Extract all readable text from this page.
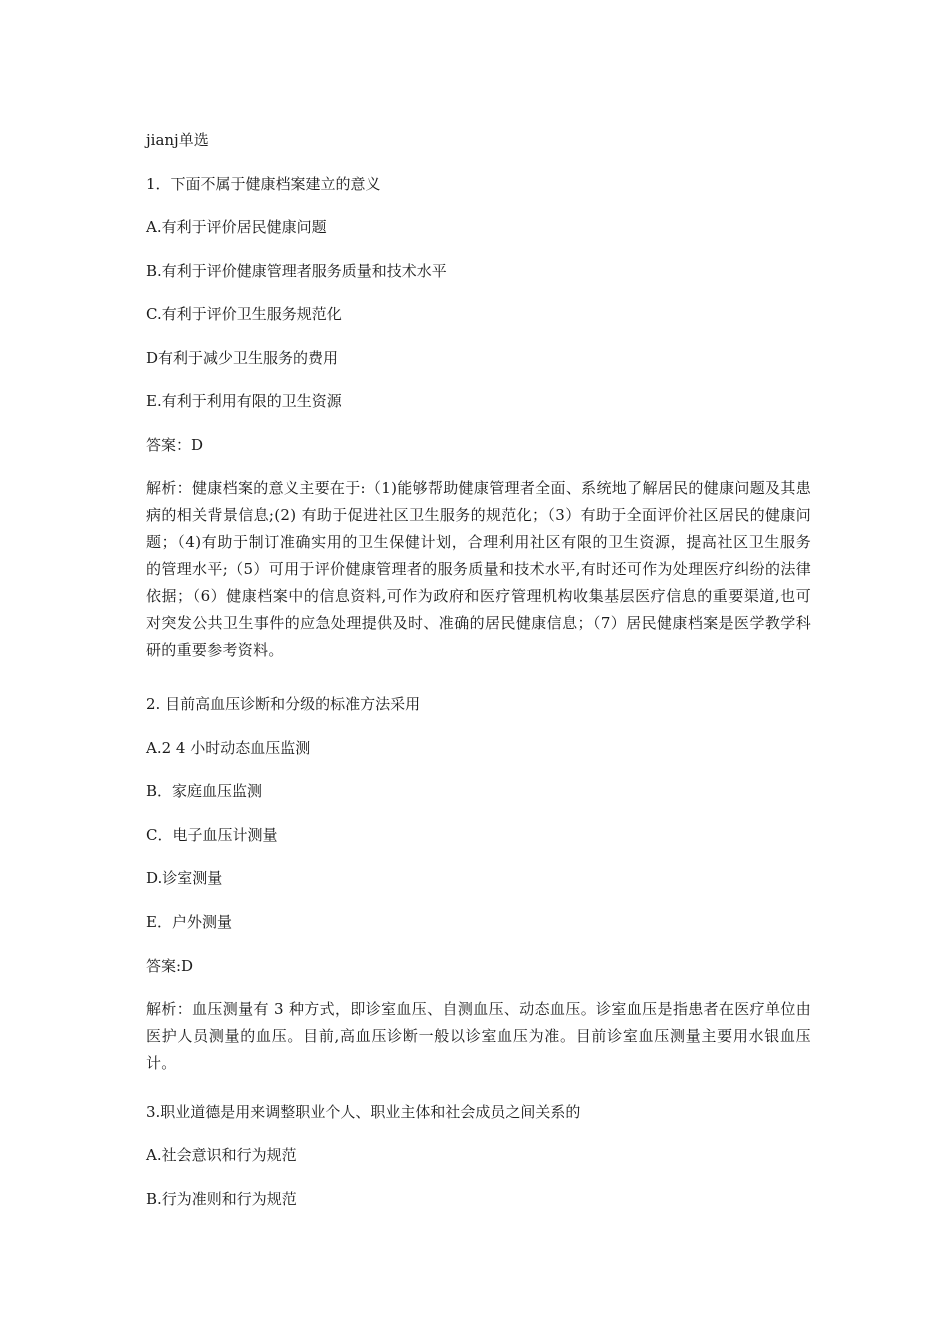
jianj单选
1．下面不属于健康档案建立的意义
A.有利于评价居民健康问题
B.有利于评价健康管理者服务质量和技术水平
C.有利于评价卫生服务规范化
D有利于减少卫生服务的费用
E.有利于利用有限的卫生资源
答案：D
解析：健康档案的意义主要在于:（1)能够帮助健康管理者全面、系统地了解居民的健康问题及其患病的相关背景信息;(2) 有助于促进社区卫生服务的规范化；（3）有助于全面评价社区居民的健康问题；（4)有助于制订准确实用的卫生保健计划，合理利用社区有限的卫生资源，提高社区卫生服务的管理水平;（5）可用于评价健康管理者的服务质量和技术水平,有时还可作为处理医疗纠纷的法律依据；（6）健康档案中的信息资料,可作为政府和医疗管理机构收集基层医疗信息的重要渠道,也可对突发公共卫生事件的应急处理提供及时、准确的居民健康信息；（7）居民健康档案是医学教学科研的重要参考资料。
2. 目前高血压诊断和分级的标准方法采用
A.2 4 小时动态血压监测
B．家庭血压监测
C．电子血压计测量
D.诊室测量
E．户外测量
答案:D
解析：血压测量有 3 种方式，即诊室血压、自测血压、动态血压。诊室血压是指患者在医疗单位由医护人员测量的血压。目前,高血压诊断一般以诊室血压为准。目前诊室血压测量主要用水银血压计。
3.职业道德是用来调整职业个人、职业主体和社会成员之间关系的
A.社会意识和行为规范
B.行为准则和行为规范
